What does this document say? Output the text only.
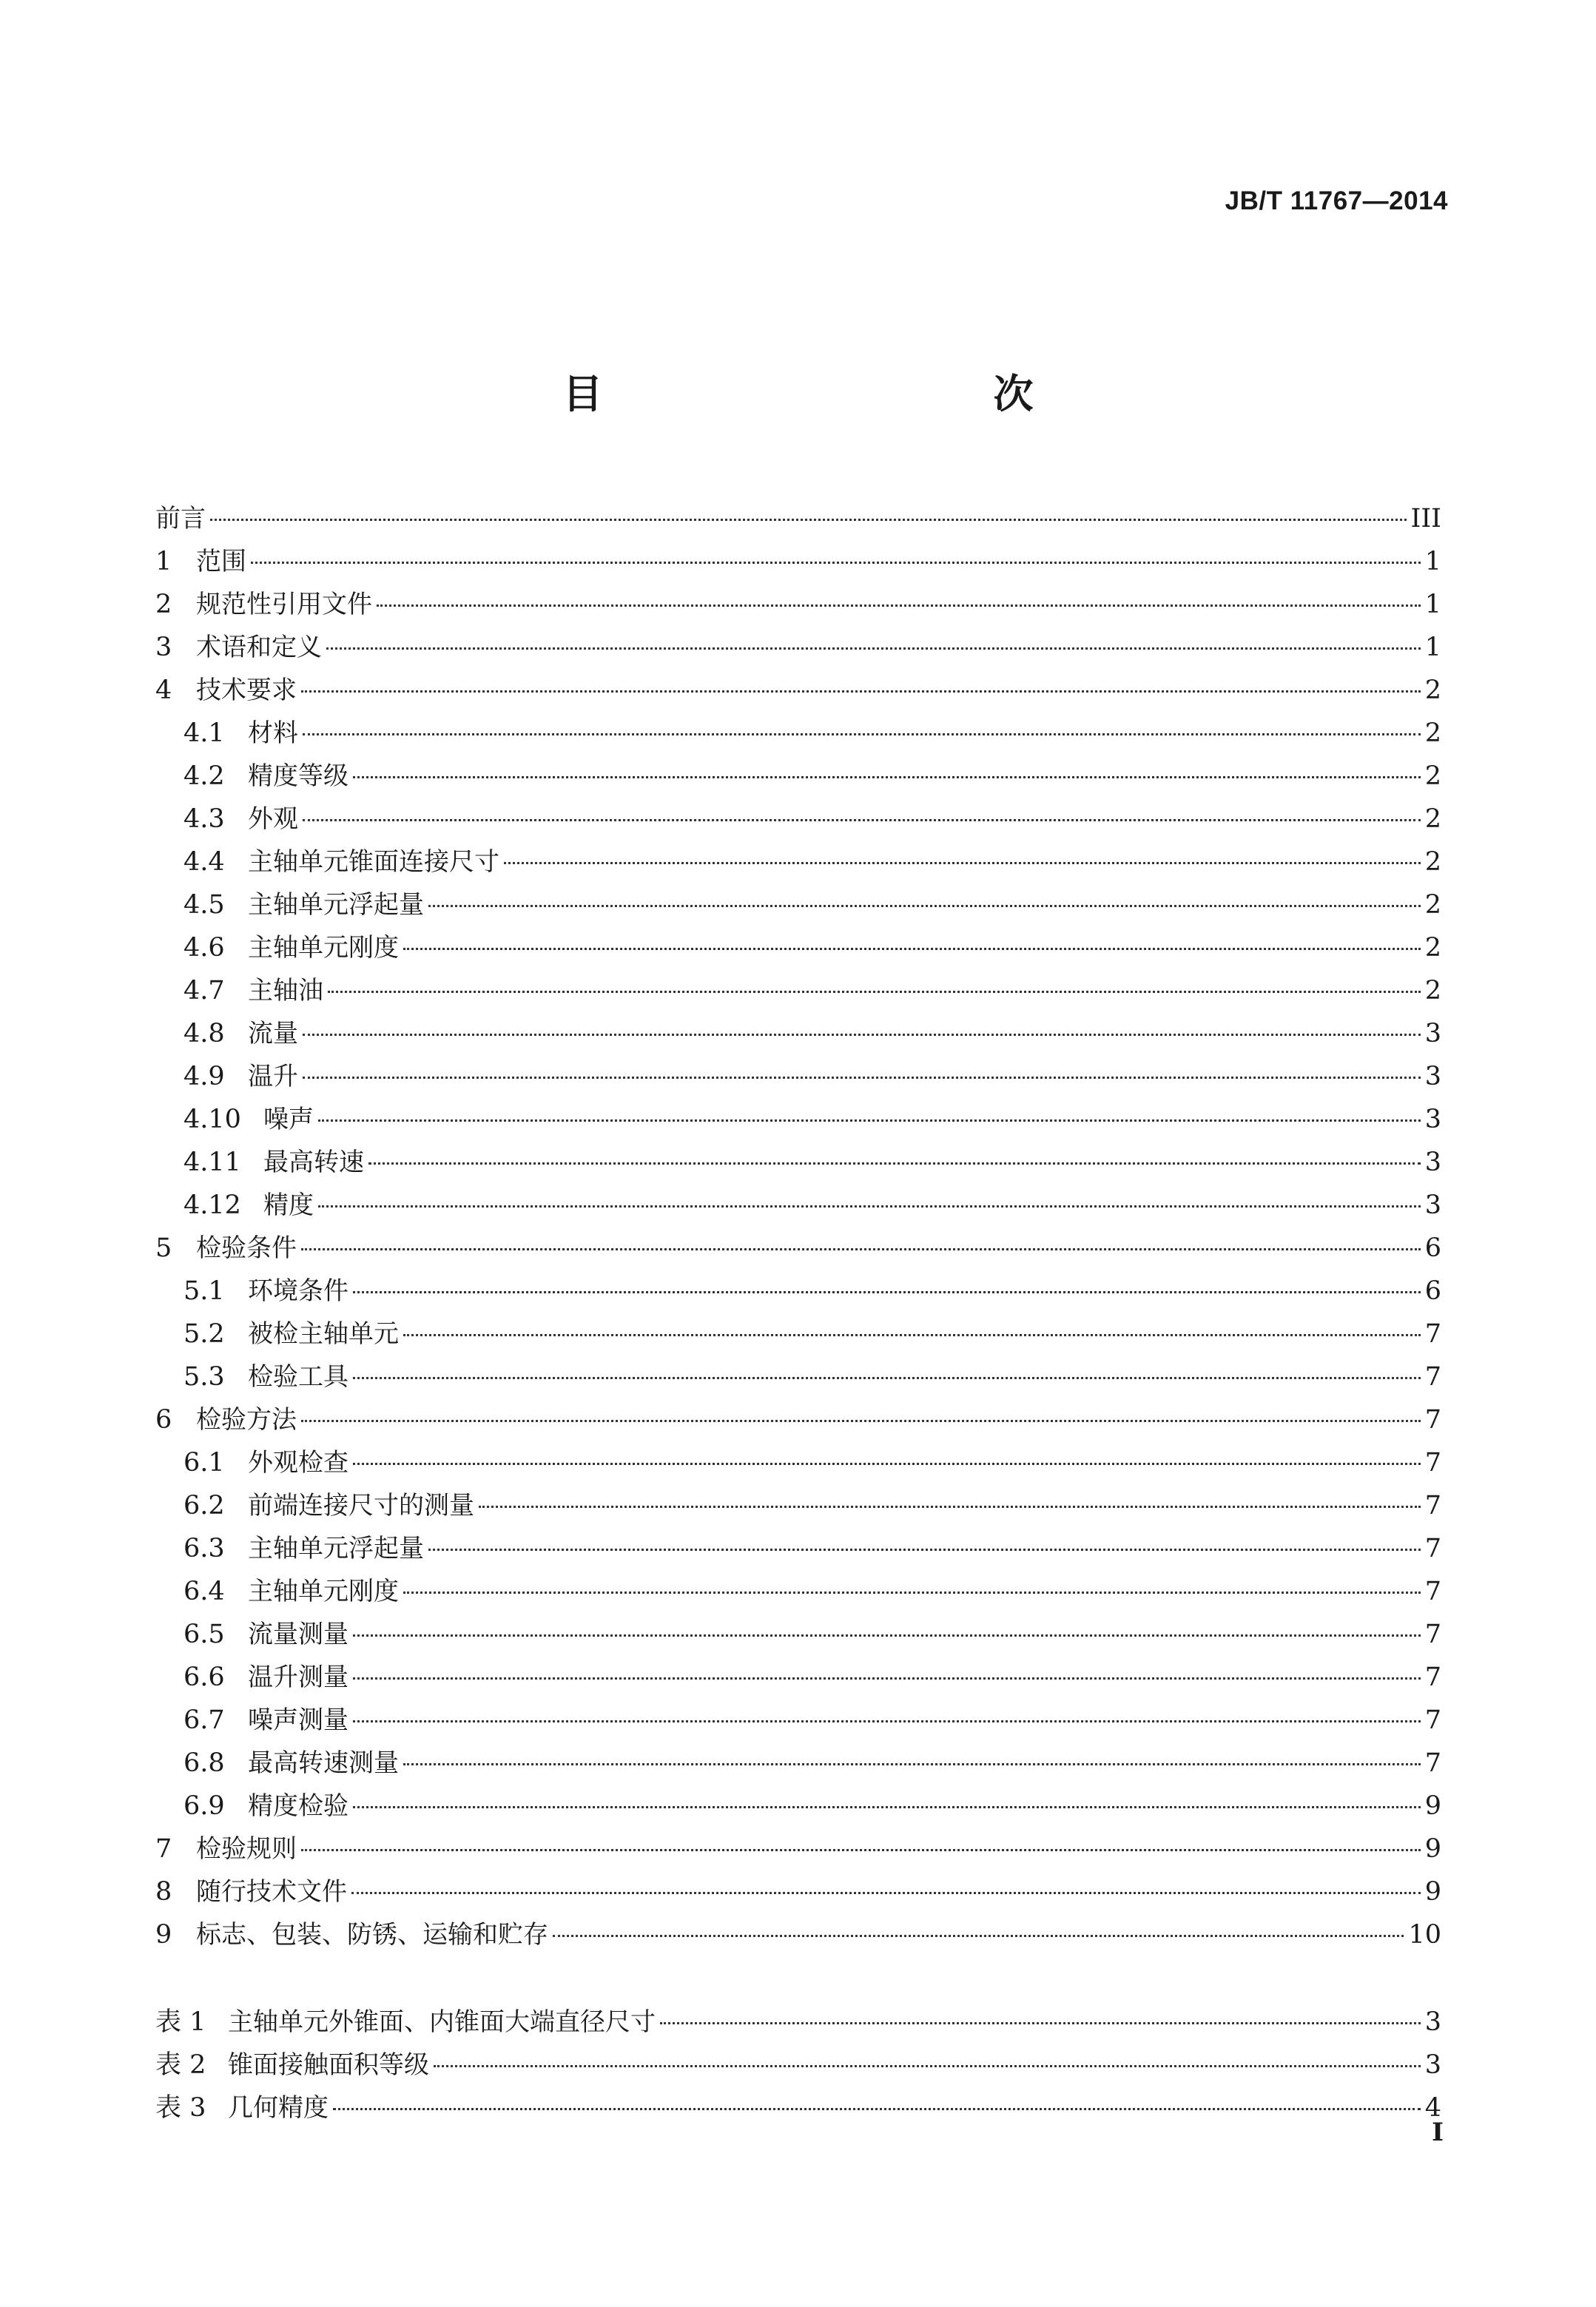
JB/T 11767—2014
目　　次
前言	III
1 范围	1
2 规范性引用文件	1
3 术语和定义	1
4 技术要求	2
4.1 材料	2
4.2 精度等级	2
4.3 外观	2
4.4 主轴单元锥面连接尺寸	2
4.5 主轴单元浮起量	2
4.6 主轴单元刚度	2
4.7 主轴油	2
4.8 流量	3
4.9 温升	3
4.10 噪声	3
4.11 最高转速	3
4.12 精度	3
5 检验条件	6
5.1 环境条件	6
5.2 被检主轴单元	7
5.3 检验工具	7
6 检验方法	7
6.1 外观检查	7
6.2 前端连接尺寸的测量	7
6.3 主轴单元浮起量	7
6.4 主轴单元刚度	7
6.5 流量测量	7
6.6 温升测量	7
6.7 噪声测量	7
6.8 最高转速测量	7
6.9 精度检验	9
7 检验规则	9
8 随行技术文件	9
9 标志、包装、防锈、运输和贮存	10
表 1 主轴单元外锥面、内锥面大端直径尺寸	3
表 2 锥面接触面积等级	3
表 3 几何精度	4
I
